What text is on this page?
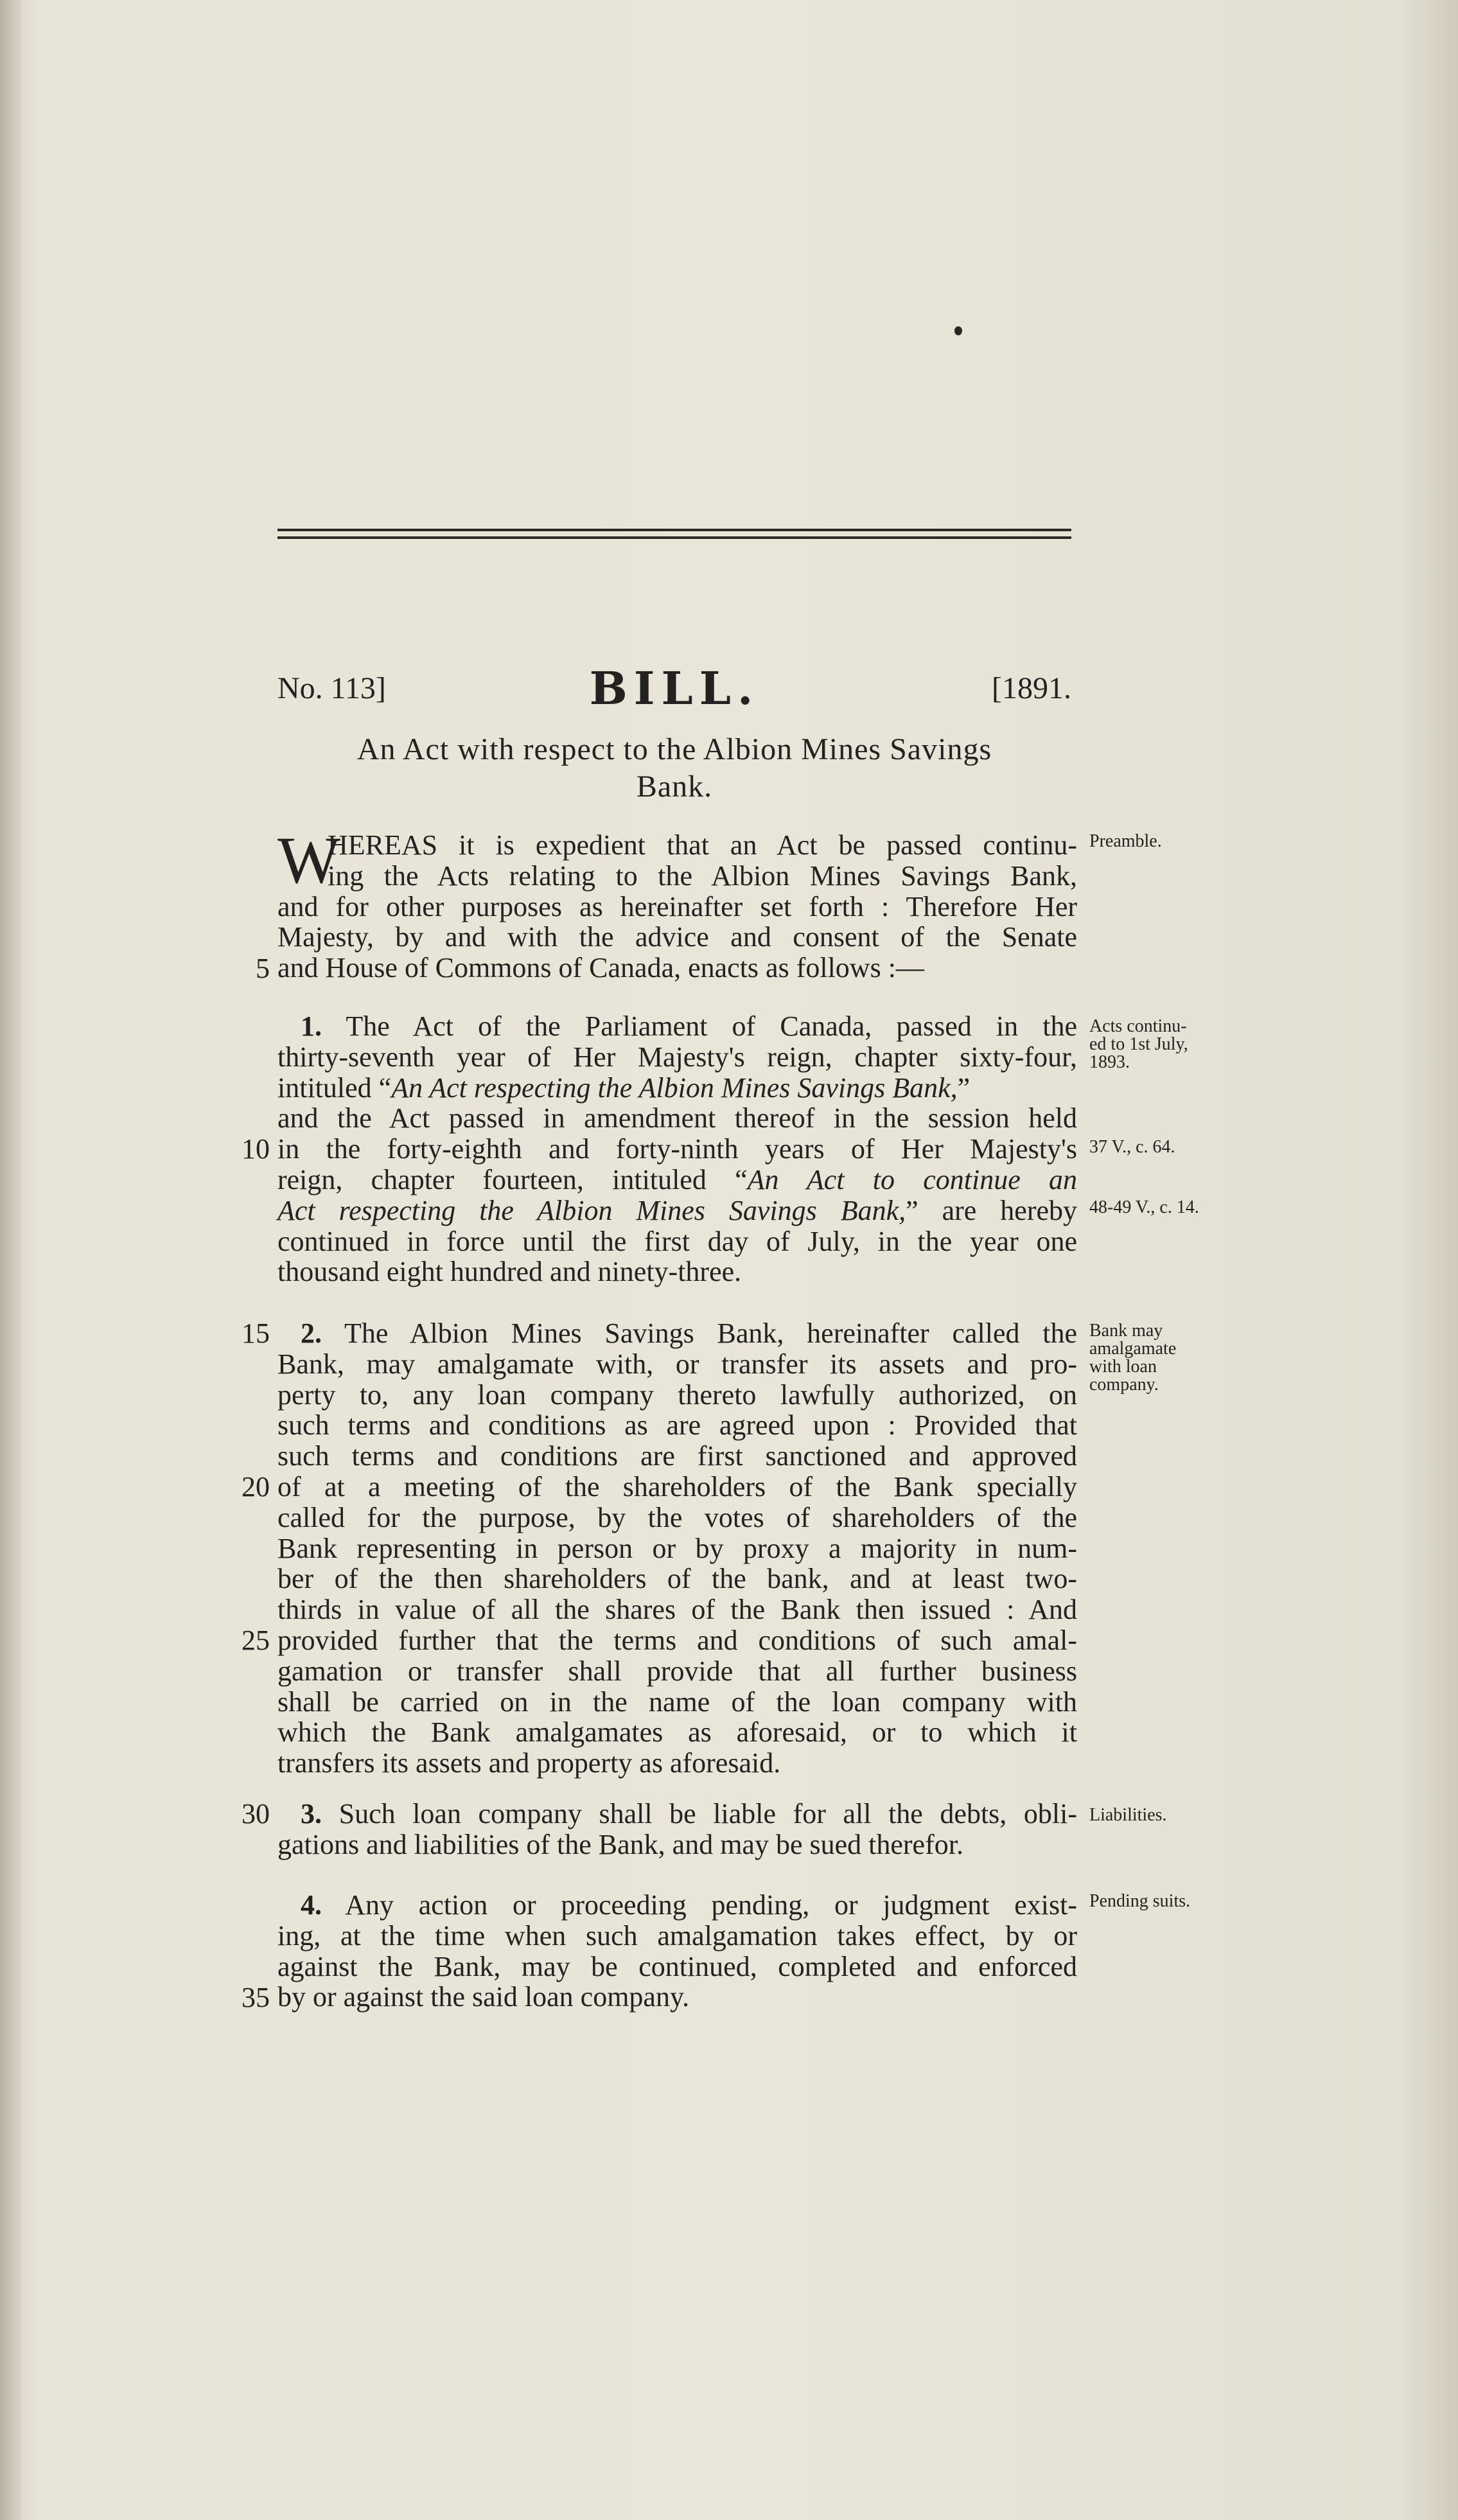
No. 113]	BILL.	[1891.
An Act with respect to the Albion Mines Savings
Bank.
W
HEREAS it is expedient that an Act be passed continu-
ing the Acts relating to the Albion Mines Savings Bank,
and for other purposes as hereinafter set forth : Therefore Her
Majesty, by and with the advice and consent of the Senate
and House of Commons of Canada, enacts as follows :—
1. The Act of the Parliament of Canada, passed in the
thirty-seventh year of Her Majesty's reign, chapter sixty-four,
intituled “An Act respecting the Albion Mines Savings Bank,”
and the Act passed in amendment thereof in the session held
in the forty-eighth and forty-ninth years of Her Majesty's
reign, chapter fourteen, intituled “An Act to continue an
Act respecting the Albion Mines Savings Bank,” are hereby
continued in force until the first day of July, in the year one
thousand eight hundred and ninety-three.
2. The Albion Mines Savings Bank, hereinafter called the
Bank, may amalgamate with, or transfer its assets and pro-
perty to, any loan company thereto lawfully authorized, on
such terms and conditions as are agreed upon : Provided that
such terms and conditions are first sanctioned and approved
of at a meeting of the shareholders of the Bank specially
called for the purpose, by the votes of shareholders of the
Bank representing in person or by proxy a majority in num-
ber of the then shareholders of the bank, and at least two-
thirds in value of all the shares of the Bank then issued : And
provided further that the terms and conditions of such amal-
gamation or transfer shall provide that all further business
shall be carried on in the name of the loan company with
which the Bank amalgamates as aforesaid, or to which it
transfers its assets and property as aforesaid.
3. Such loan company shall be liable for all the debts, obli-
gations and liabilities of the Bank, and may be sued therefor.
4. Any action or proceeding pending, or judgment exist-
ing, at the time when such amalgamation takes effect, by or
against the Bank, may be continued, completed and enforced
by or against the said loan company.
5
10
15
20
25
30
35
Preamble.
Acts continu-
ed to 1st July,
1893.
37 V., c. 64.
48-49 V., c. 14.
Bank may
amalgamate
with loan
company.
Liabilities.
Pending suits.
